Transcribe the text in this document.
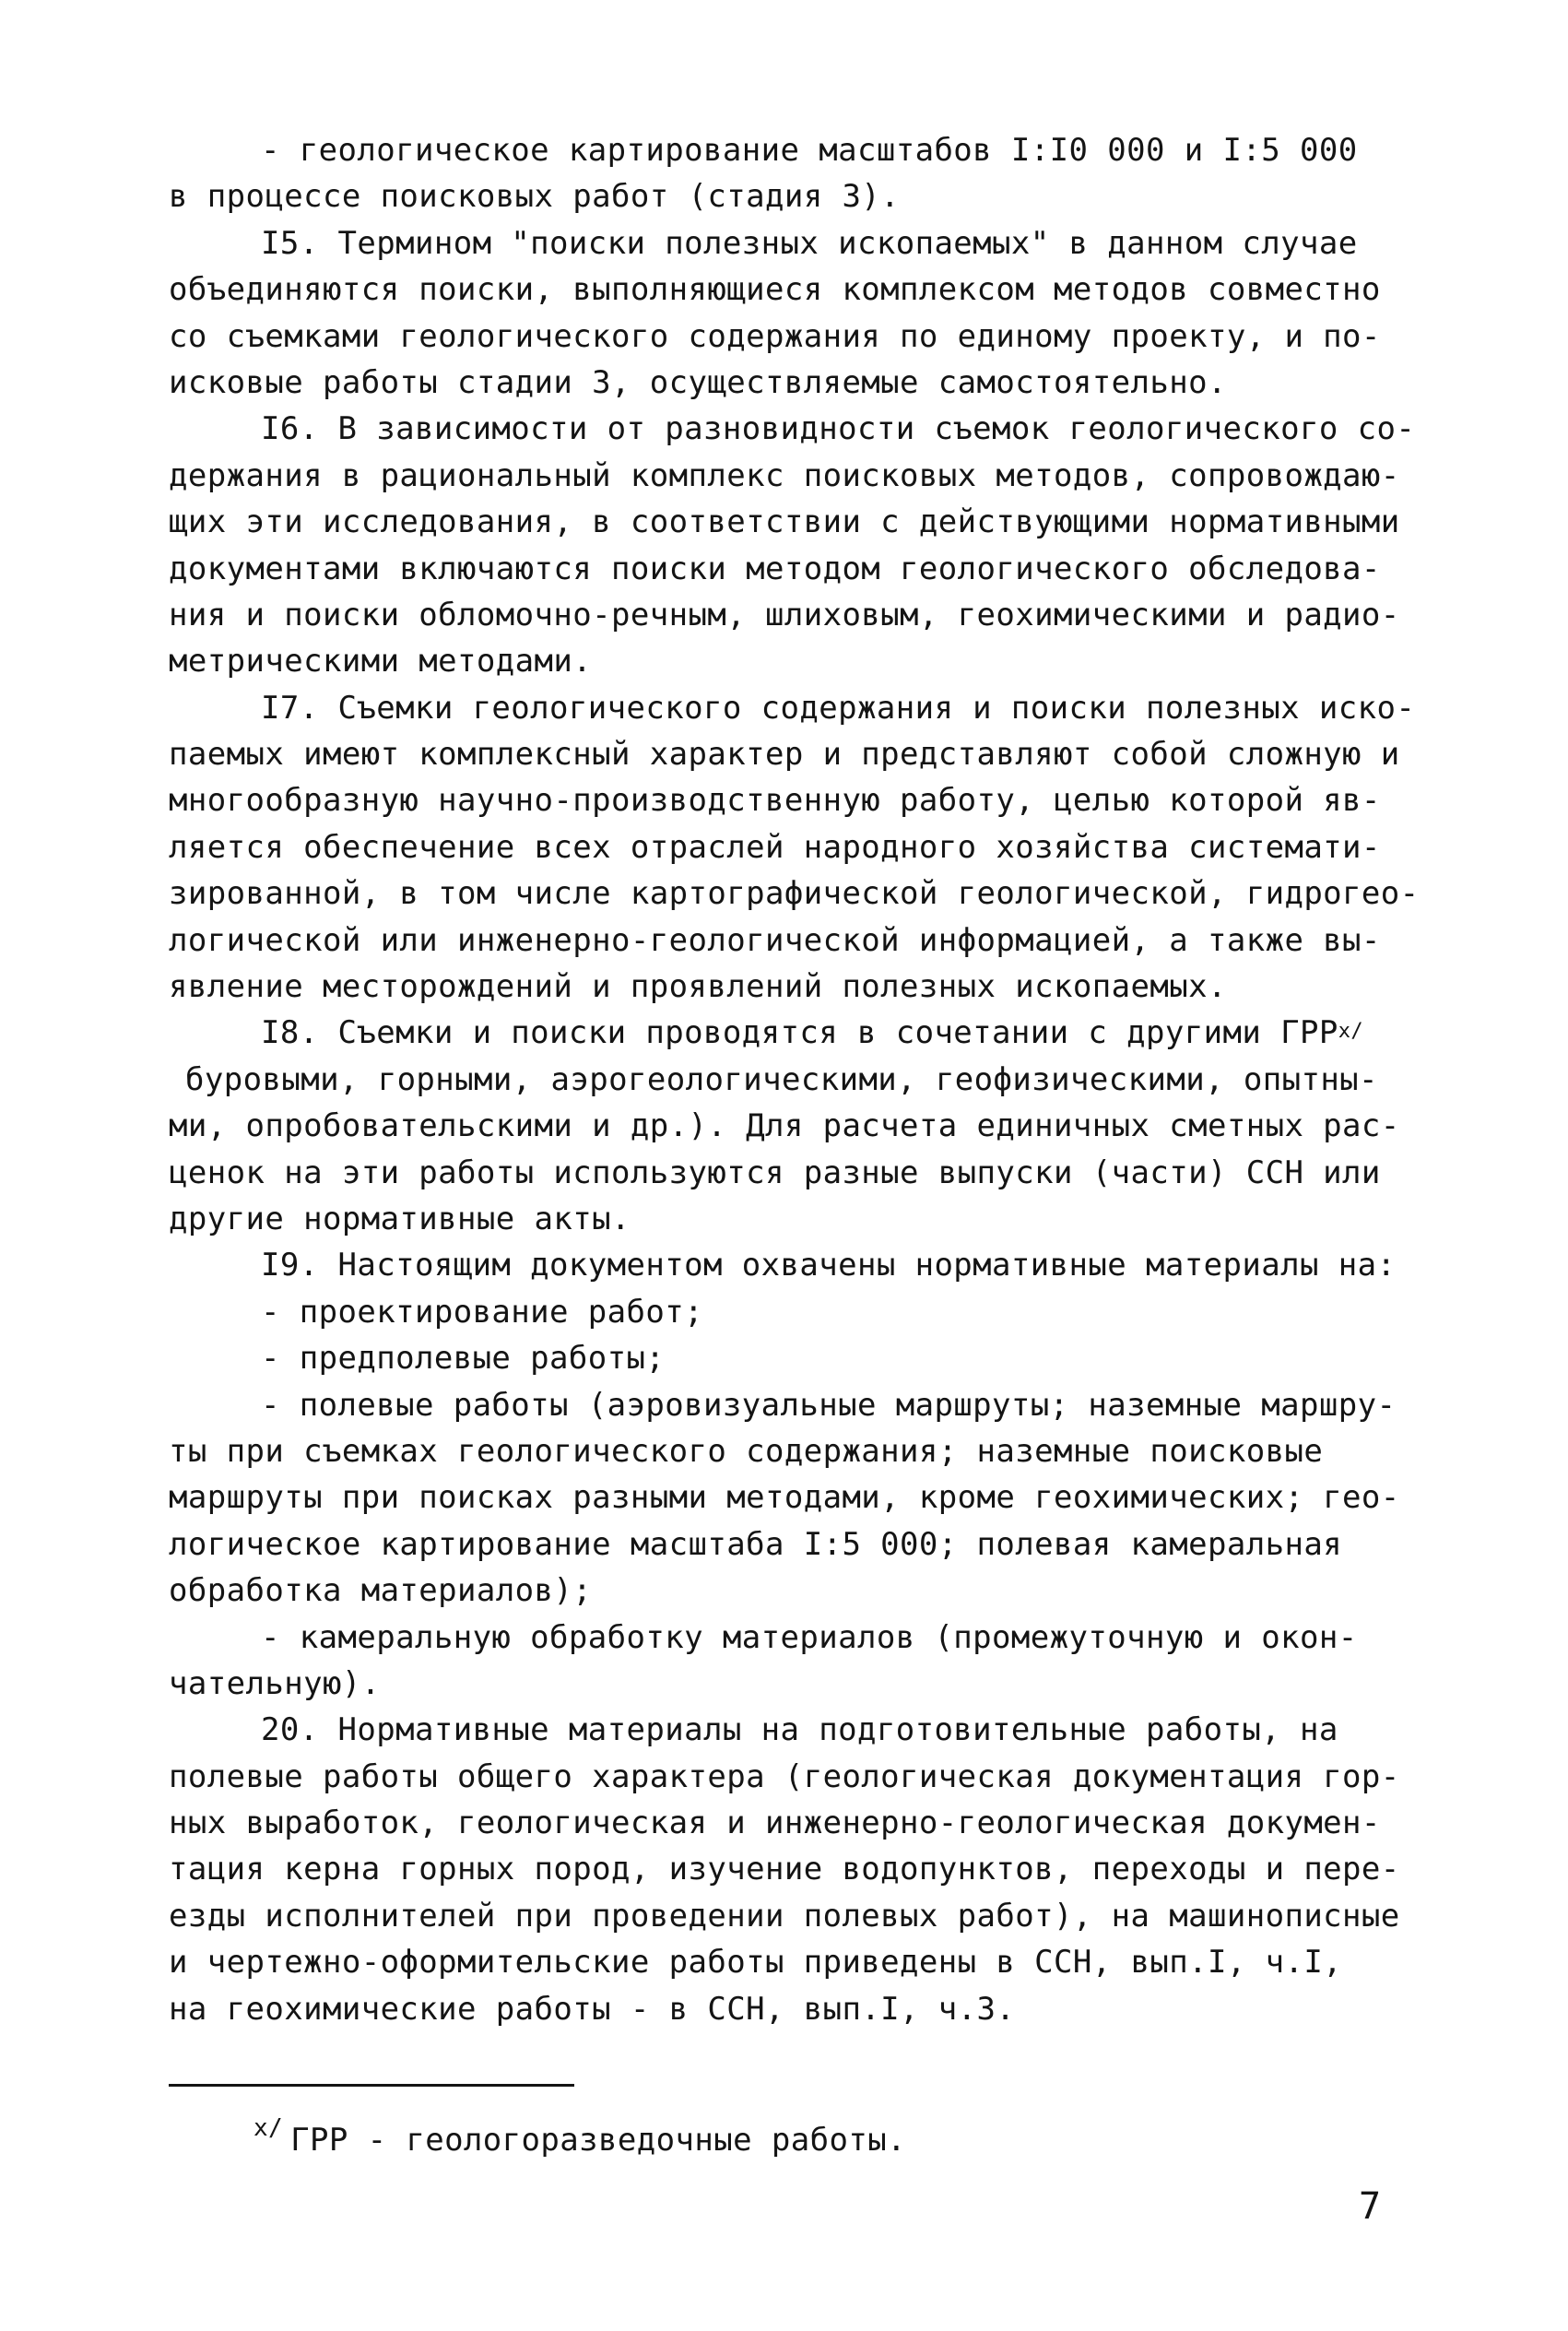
- геологическое картирование масштабов I:I0 000 и I:5 000
в процессе поисковых работ (стадия 3).
I5. Термином "поиски полезных ископаемых" в данном случае
объединяются поиски, выполняющиеся комплексом методов совместно
со съемками геологического содержания по единому проекту, и по-
исковые работы стадии 3, осуществляемые самостоятельно.
I6. В зависимости от разновидности съемок геологического со-
держания в рациональный комплекс поисковых методов, сопровождаю-
щих эти исследования, в соответствии с действующими нормативными
документами включаются поиски методом геологического обследова-
ния и поиски обломочно-речным, шлиховым, геохимическими и радио-
метрическими методами.
I7. Съемки геологического содержания и поиски полезных иско-
паемых имеют комплексный характер и представляют собой сложную и
многообразную научно-производственную работу, целью которой яв-
ляется обеспечение всех отраслей народного хозяйства системати-
зированной, в том числе картографической геологической, гидрогео-
логической или инженерно-геологической информацией, а также вы-
явление месторождений и проявлений полезных ископаемых.
I8. Съемки и поиски проводятся в сочетании с другими ГРР$^{x/}$
буровыми, горными, аэрогеологическими, геофизическими, опытны-
ми, опробовательскими и др.). Для расчета единичных сметных рас-
ценок на эти работы используются разные выпуски (части) ССН или
другие нормативные акты.
I9. Настоящим документом охвачены нормативные материалы на:
- проектирование работ;
- предполевые работы;
- полевые работы (аэровизуальные маршруты; наземные маршру-
ты при съемках геологического содержания; наземные поисковые
маршруты при поисках разными методами, кроме геохимических; гео-
логическое картирование масштаба I:5 000; полевая камеральная
обработка материалов);
- камеральную обработку материалов (промежуточную и окон-
чательную).
20. Нормативные материалы на подготовительные работы, на
полевые работы общего характера (геологическая документация гор-
ных выработок, геологическая и инженерно-геологическая докумен-
тация керна горных пород, изучение водопунктов, переходы и пере-
езды исполнителей при проведении полевых работ), на машинописные
и чертежно-оформительские работы приведены в ССН, вып.I, ч.I,
на геохимические работы - в ССН, вып.I, ч.3.
$^{x/}$ ГРР - геологоразведочные работы.
7
